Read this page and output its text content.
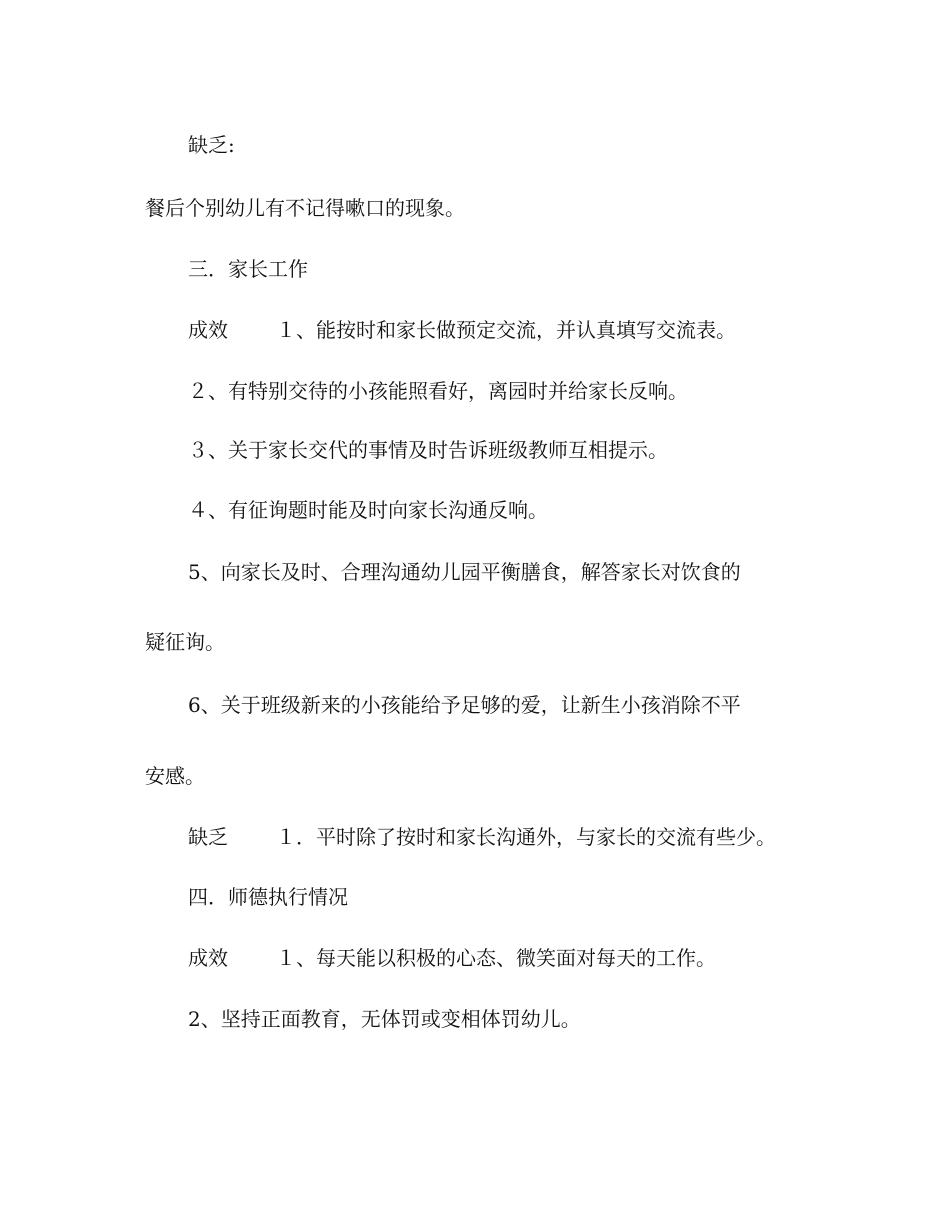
缺乏:
餐后个别幼儿有不记得嗽口的现象。
三．家长工作
成效 １、能按时和家长做预定交流，并认真填写交流表。
２、有特别交待的小孩能照看好，离园时并给家长反响。
３、关于家长交代的事情及时告诉班级教师互相提示。
４、有征询题时能及时向家长沟通反响。
5、向家长及时、合理沟通幼儿园平衡膳食，解答家长对饮食的
疑征询。
6、关于班级新来的小孩能给予足够的爱，让新生小孩消除不平
安感。
缺乏 １．平时除了按时和家长沟通外，与家长的交流有些少。
四．师德执行情况
成效 １、每天能以积极的心态、微笑面对每天的工作。
2、坚持正面教育，无体罚或变相体罚幼儿。
